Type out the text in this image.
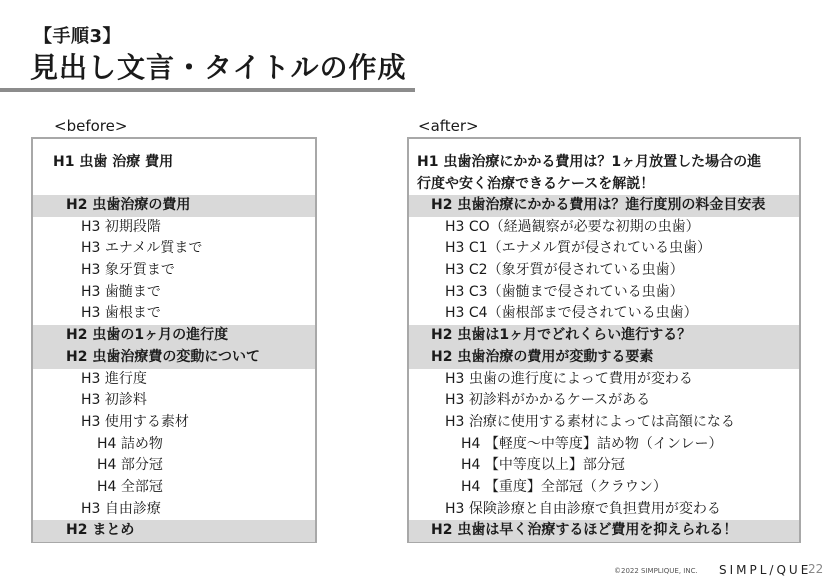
【手順3】
見出し文言・タイトルの作成
<before>	<after>
H1 虫歯 治療 費用
H2 虫歯治療の費用
H3 初期段階
H3 エナメル質まで
H3 象牙質まで
H3 歯髄まで
H3 歯根まで
H2 虫歯の1ヶ月の進行度
H2 虫歯治療費の変動について
H3 進行度
H3 初診料
H3 使用する素材
H4 詰め物
H4 部分冠
H4 全部冠
H3 自由診療
H2 まとめ
H1 虫歯治療にかかる費用は？1ヶ月放置した場合の進
行度や安く治療できるケースを解説！
H2 虫歯治療にかかる費用は？進行度別の料金目安表
H3 CO（経過観察が必要な初期の虫歯）
H3 C1（エナメル質が侵されている虫歯）
H3 C2（象牙質が侵されている虫歯）
H3 C3（歯髄まで侵されている虫歯）
H3 C4（歯根部まで侵されている虫歯）
H2 虫歯は1ヶ月でどれくらい進行する？
H2 虫歯治療の費用が変動する要素
H3 虫歯の進行度によって費用が変わる
H3 初診料がかかるケースがある
H3 治療に使用する素材によっては高額になる
H4 【軽度～中等度】詰め物（インレー）
H4 【中等度以上】部分冠
H4 【重度】全部冠（クラウン）
H3 保険診療と自由診療で負担費用が変わる
H2 虫歯は早く治療するほど費用を抑えられる！
©2022 SIMPLIQUE, INC. SIMPL/QUE
22
